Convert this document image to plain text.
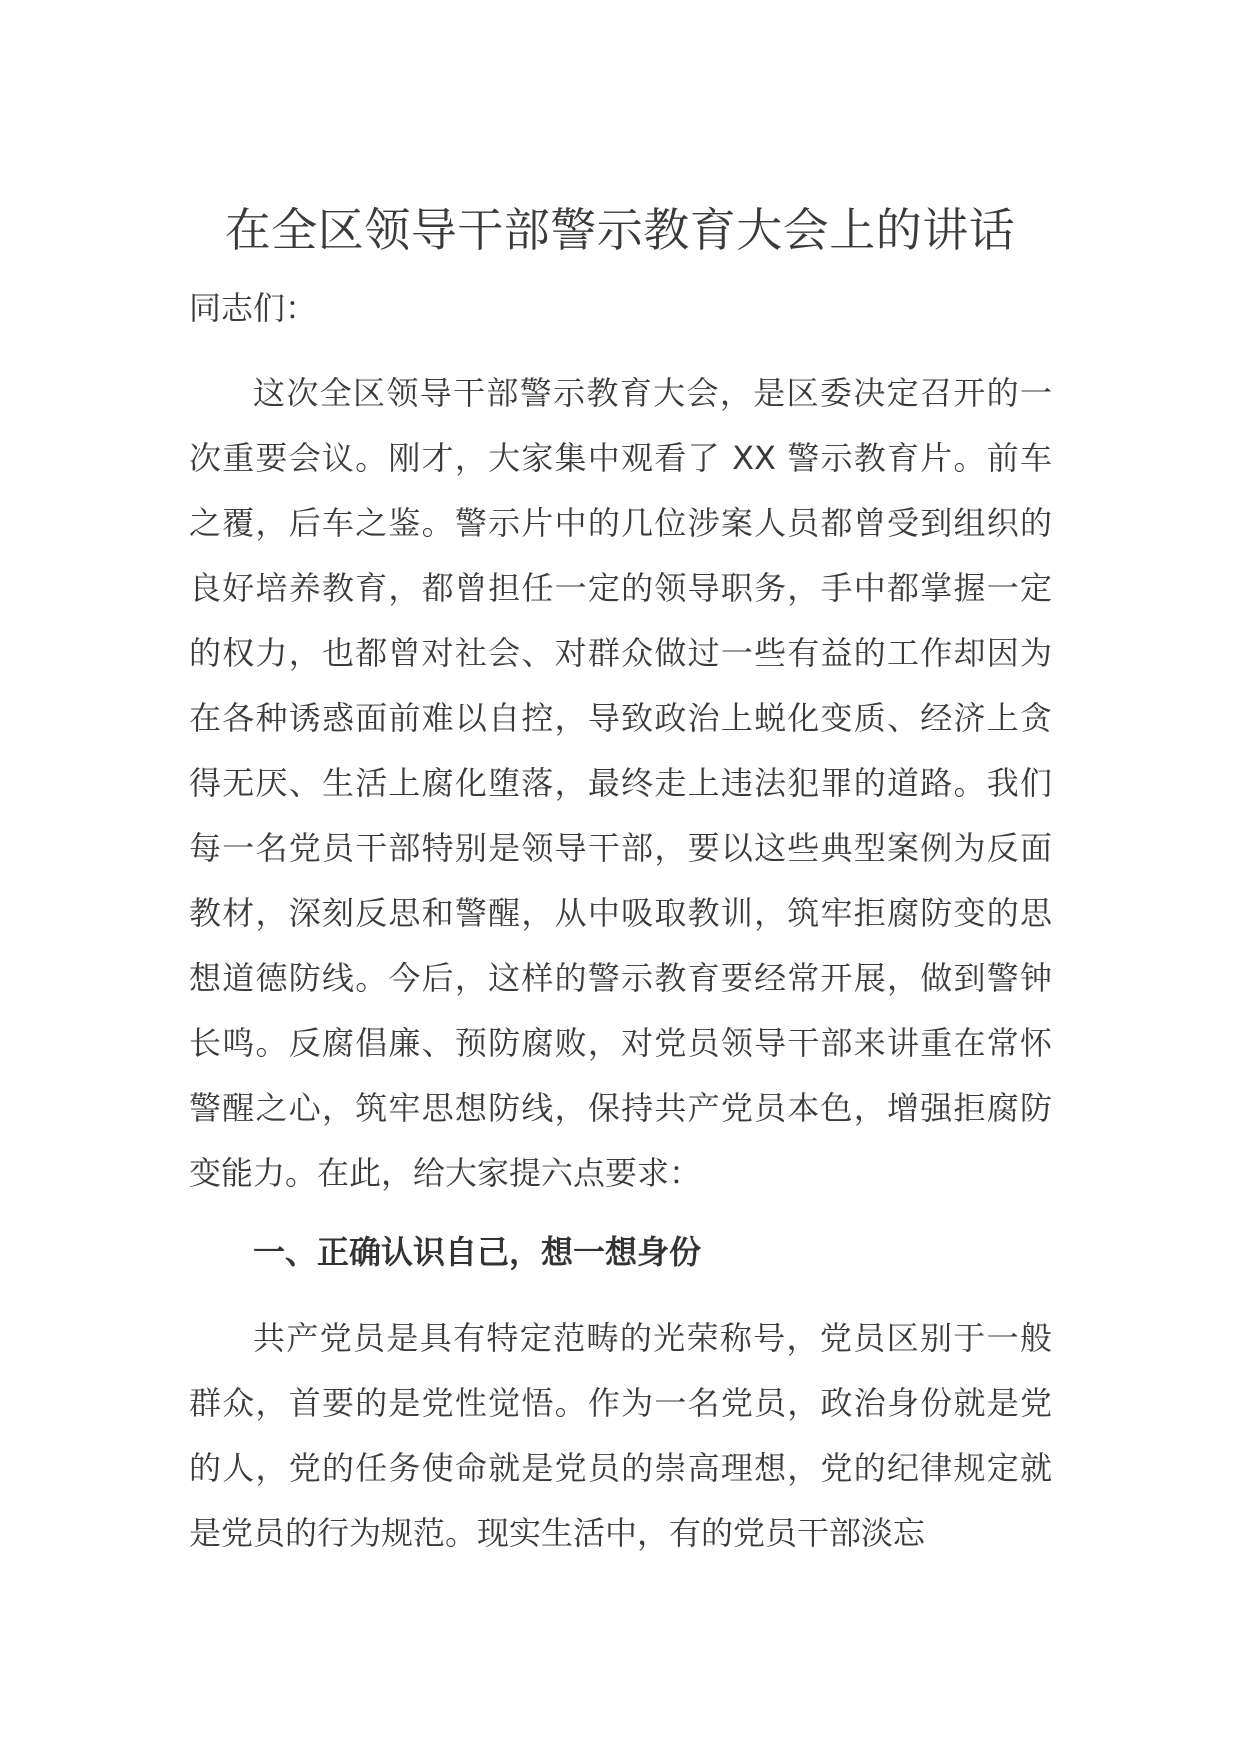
在全区领导干部警示教育大会上的讲话

同志们：

这次全区领导干部警示教育大会，是区委决定召开的一次重要会议。刚才，大家集中观看了 XX 警示教育片。前车之覆，后车之鉴。警示片中的几位涉案人员都曾受到组织的良好培养教育，都曾担任一定的领导职务，手中都掌握一定的权力，也都曾对社会、对群众做过一些有益的工作却因为在各种诱惑面前难以自控，导致政治上蜕化变质、经济上贪得无厌、生活上腐化堕落，最终走上违法犯罪的道路。我们每一名党员干部特别是领导干部，要以这些典型案例为反面教材，深刻反思和警醒，从中吸取教训，筑牢拒腐防变的思想道德防线。今后，这样的警示教育要经常开展，做到警钟长鸣。反腐倡廉、预防腐败，对党员领导干部来讲重在常怀警醒之心，筑牢思想防线，保持共产党员本色，增强拒腐防变能力。在此，给大家提六点要求：

一、正确认识自己，想一想身份

共产党员是具有特定范畴的光荣称号，党员区别于一般群众，首要的是党性觉悟。作为一名党员，政治身份就是党的人，党的任务使命就是党员的崇高理想，党的纪律规定就是党员的行为规范。现实生活中，有的党员干部淡忘
